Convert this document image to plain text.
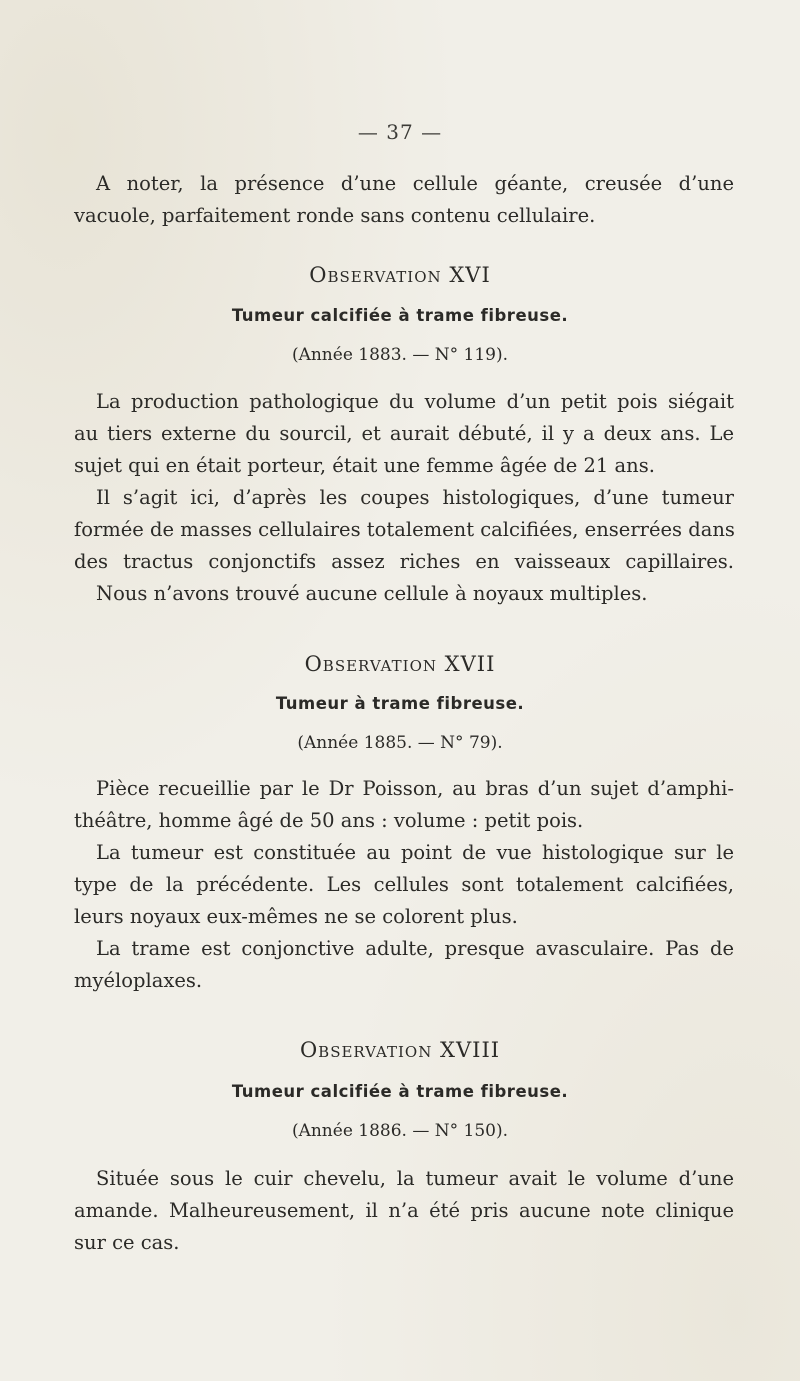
— 37 —
A noter, la présence d’une cellule géante, creusée d’une
vacuole, parfaitement ronde sans contenu cellulaire.
Observation XVI
Tumeur calcifiée à trame fibreuse.
(Année 1883. — N° 119).
La production pathologique du volume d’un petit pois siégait
au tiers externe du sourcil, et aurait débuté, il y a deux ans. Le
sujet qui en était porteur, était une femme âgée de 21 ans.
Il s’agit ici, d’après les coupes histologiques, d’une tumeur
formée de masses cellulaires totalement calcifiées, enserrées dans
des tractus conjonctifs assez riches en vaisseaux capillaires.
Nous n’avons trouvé aucune cellule à noyaux multiples.
Observation XVII
Tumeur à trame fibreuse.
(Année 1885. — N° 79).
Pièce recueillie par le Dr Poisson, au bras d’un sujet d’amphi-
théâtre, homme âgé de 50 ans : volume : petit pois.
La tumeur est constituée au point de vue histologique sur le
type de la précédente. Les cellules sont totalement calcifiées,
leurs noyaux eux-mêmes ne se colorent plus.
La trame est conjonctive adulte, presque avasculaire. Pas de
myéloplaxes.
Observation XVIII
Tumeur calcifiée à trame fibreuse.
(Année 1886. — N° 150).
Située sous le cuir chevelu, la tumeur avait le volume d’une
amande. Malheureusement, il n’a été pris aucune note clinique
sur ce cas.
